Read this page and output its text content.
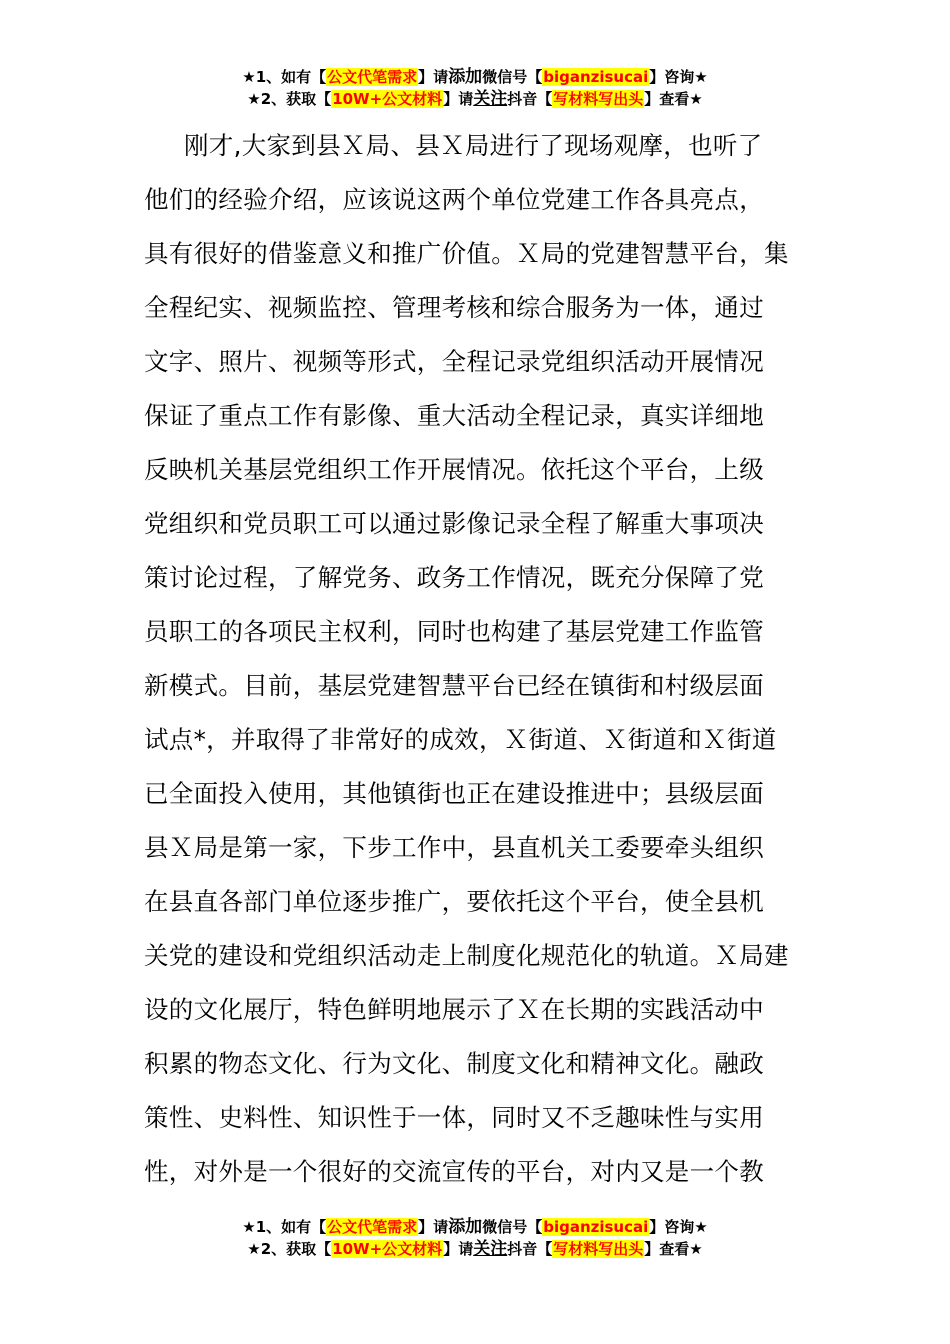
★1、如有【公文代笔需求】请添加微信号【biganzisucai】咨询★
★2、获取【10W+公文材料】请关注抖音【写材料写出头】查看★
刚才,大家到县Ｘ局、县Ｘ局进行了现场观摩，也听了
他们的经验介绍，应该说这两个单位党建工作各具亮点，
具有很好的借鉴意义和推广价值。Ｘ局的党建智慧平台，集
全程纪实、视频监控、管理考核和综合服务为一体，通过
文字、照片、视频等形式，全程记录党组织活动开展情况
保证了重点工作有影像、重大活动全程记录，真实详细地
反映机关基层党组织工作开展情况。依托这个平台，上级
党组织和党员职工可以通过影像记录全程了解重大事项决
策讨论过程，了解党务、政务工作情况，既充分保障了党
员职工的各项民主权利，同时也构建了基层党建工作监管
新模式。目前，基层党建智慧平台已经在镇街和村级层面
试点*，并取得了非常好的成效，Ｘ街道、Ｘ街道和Ｘ街道
已全面投入使用，其他镇街也正在建设推进中；县级层面
县Ｘ局是第一家，下步工作中，县直机关工委要牵头组织
在县直各部门单位逐步推广，要依托这个平台，使全县机
关党的建设和党组织活动走上制度化规范化的轨道。Ｘ局建
设的文化展厅，特色鲜明地展示了Ｘ在长期的实践活动中
积累的物态文化、行为文化、制度文化和精神文化。融政
策性、史料性、知识性于一体，同时又不乏趣味性与实用
性，对外是一个很好的交流宣传的平台，对内又是一个教
★1、如有【公文代笔需求】请添加微信号【biganzisucai】咨询★
★2、获取【10W+公文材料】请关注抖音【写材料写出头】查看★
